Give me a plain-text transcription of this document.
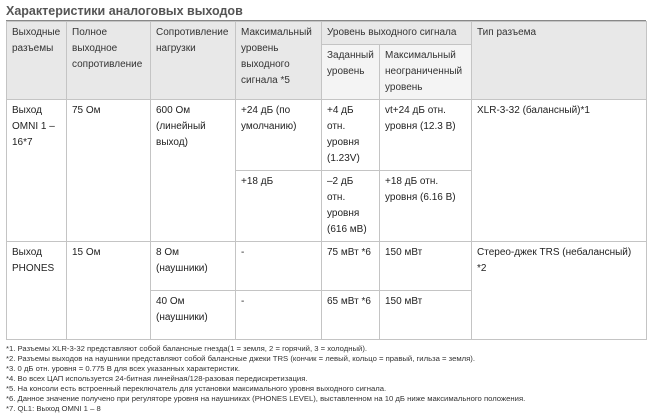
Характеристики аналоговых выходов
Выходные разъемы	Полное выходное сопротивление	Сопротивление нагрузки	Максимальный уровень выходного сигнала *5	Уровень выходного сигнала		Тип разъема
				Заданный уровень	Максимальный неограниченный уровень	
Выход OMNI 1 – 16*7	75 Ом	600 Ом (линейный выход)	+24 дБ (по умолчанию)	+4 дБ отн. уровня (1.23V)	vt+24 дБ отн. уровня (12.3 В)	XLR-3-32 (балансный)*1
			+18 дБ	–2 дБ отн. уровня (616 мВ)	+18 дБ отн. уровня (6.16 В)	
Выход PHONES	15 Ом	8 Ом (наушники)	-	75 мВт *6	150 мВт	Стерео-джек TRS (небалансный) *2
		40 Ом (наушники)	-	65 мВт *6	150 мВт	
*1. Разъемы XLR-3-32 представляют собой балансные гнезда(1 = земля, 2 = горячий, 3 = холодный).
*2. Разъемы выходов на наушники представляют собой балансные джеки TRS (кончик = левый, кольцо = правый, гильза = земля).
*3. 0 дБ отн. уровня = 0.775 В для всех указанных характеристик.
*4. Во всех ЦАП используется 24-битная линейная/128-разовая передискретизация.
*5. На консоли есть встроенный переключатель для установки максимального уровня выходного сигнала.
*6. Данное значение получено при регуляторе уровня на наушниках (PHONES LEVEL), выставленном на 10 дБ ниже максимального положения.
*7. QL1: Выход OMNI 1 – 8
